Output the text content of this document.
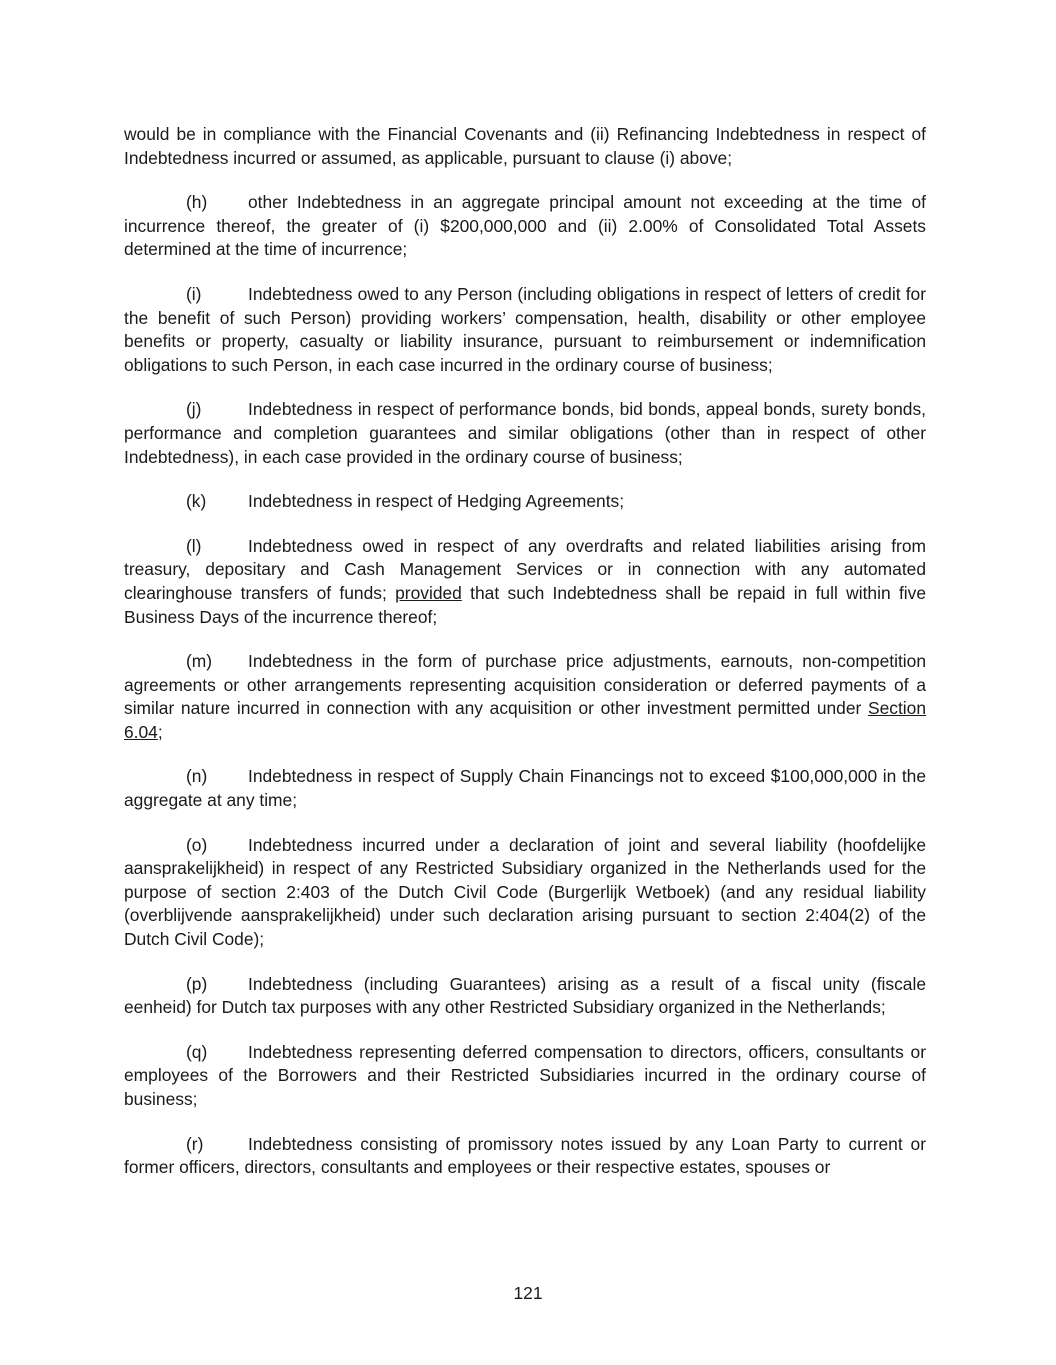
would be in compliance with the Financial Covenants and (ii) Refinancing Indebtedness in respect of Indebtedness incurred or assumed, as applicable, pursuant to clause (i) above;

(h) other Indebtedness in an aggregate principal amount not exceeding at the time of incurrence thereof, the greater of (i) $200,000,000 and (ii) 2.00% of Consolidated Total Assets determined at the time of incurrence;

(i)	Indebtedness owed to any Person (including obligations in respect of letters of credit for the benefit of such Person) providing workers’ compensation, health, disability or other employee benefits or property, casualty or liability insurance, pursuant to reimbursement or indemnification obligations to such Person, in each case incurred in the ordinary course of business;

(j)	Indebtedness in respect of performance bonds, bid bonds, appeal bonds, surety bonds, performance and completion guarantees and similar obligations (other than in respect of other Indebtedness), in each case provided in the ordinary course of business;

(k) Indebtedness in respect of Hedging Agreements;

(l)	Indebtedness owed in respect of any overdrafts and related liabilities arising from treasury, depositary and Cash Management Services or in connection with any automated clearinghouse transfers of funds; provided that such Indebtedness shall be repaid in full within five Business Days of the incurrence thereof;

(m) Indebtedness in the form of purchase price adjustments, earnouts, non-competition agreements or other arrangements representing acquisition consideration or deferred payments of a similar nature incurred in connection with any acquisition or other investment permitted under Section 6.04;

(n) Indebtedness in respect of Supply Chain Financings not to exceed $100,000,000 in the aggregate at any time;

(o) Indebtedness incurred under a declaration of joint and several liability (hoofdelijke aansprakelijkheid) in respect of any Restricted Subsidiary organized in the Netherlands used for the purpose of section 2:403 of the Dutch Civil Code (Burgerlijk Wetboek) (and any residual liability (overblijvende aansprakelijkheid) under such declaration arising pursuant to section 2:404(2) of the Dutch Civil Code);

(p) Indebtedness (including Guarantees) arising as a result of a fiscal unity (fiscale eenheid) for Dutch tax purposes with any other Restricted Subsidiary organized in the Netherlands;

(q) Indebtedness representing deferred compensation to directors, officers, consultants or employees of the Borrowers and their Restricted Subsidiaries incurred in the ordinary course of business;

(r)	Indebtedness consisting of promissory notes issued by any Loan Party to current or former officers, directors, consultants and employees or their respective estates, spouses or

121
